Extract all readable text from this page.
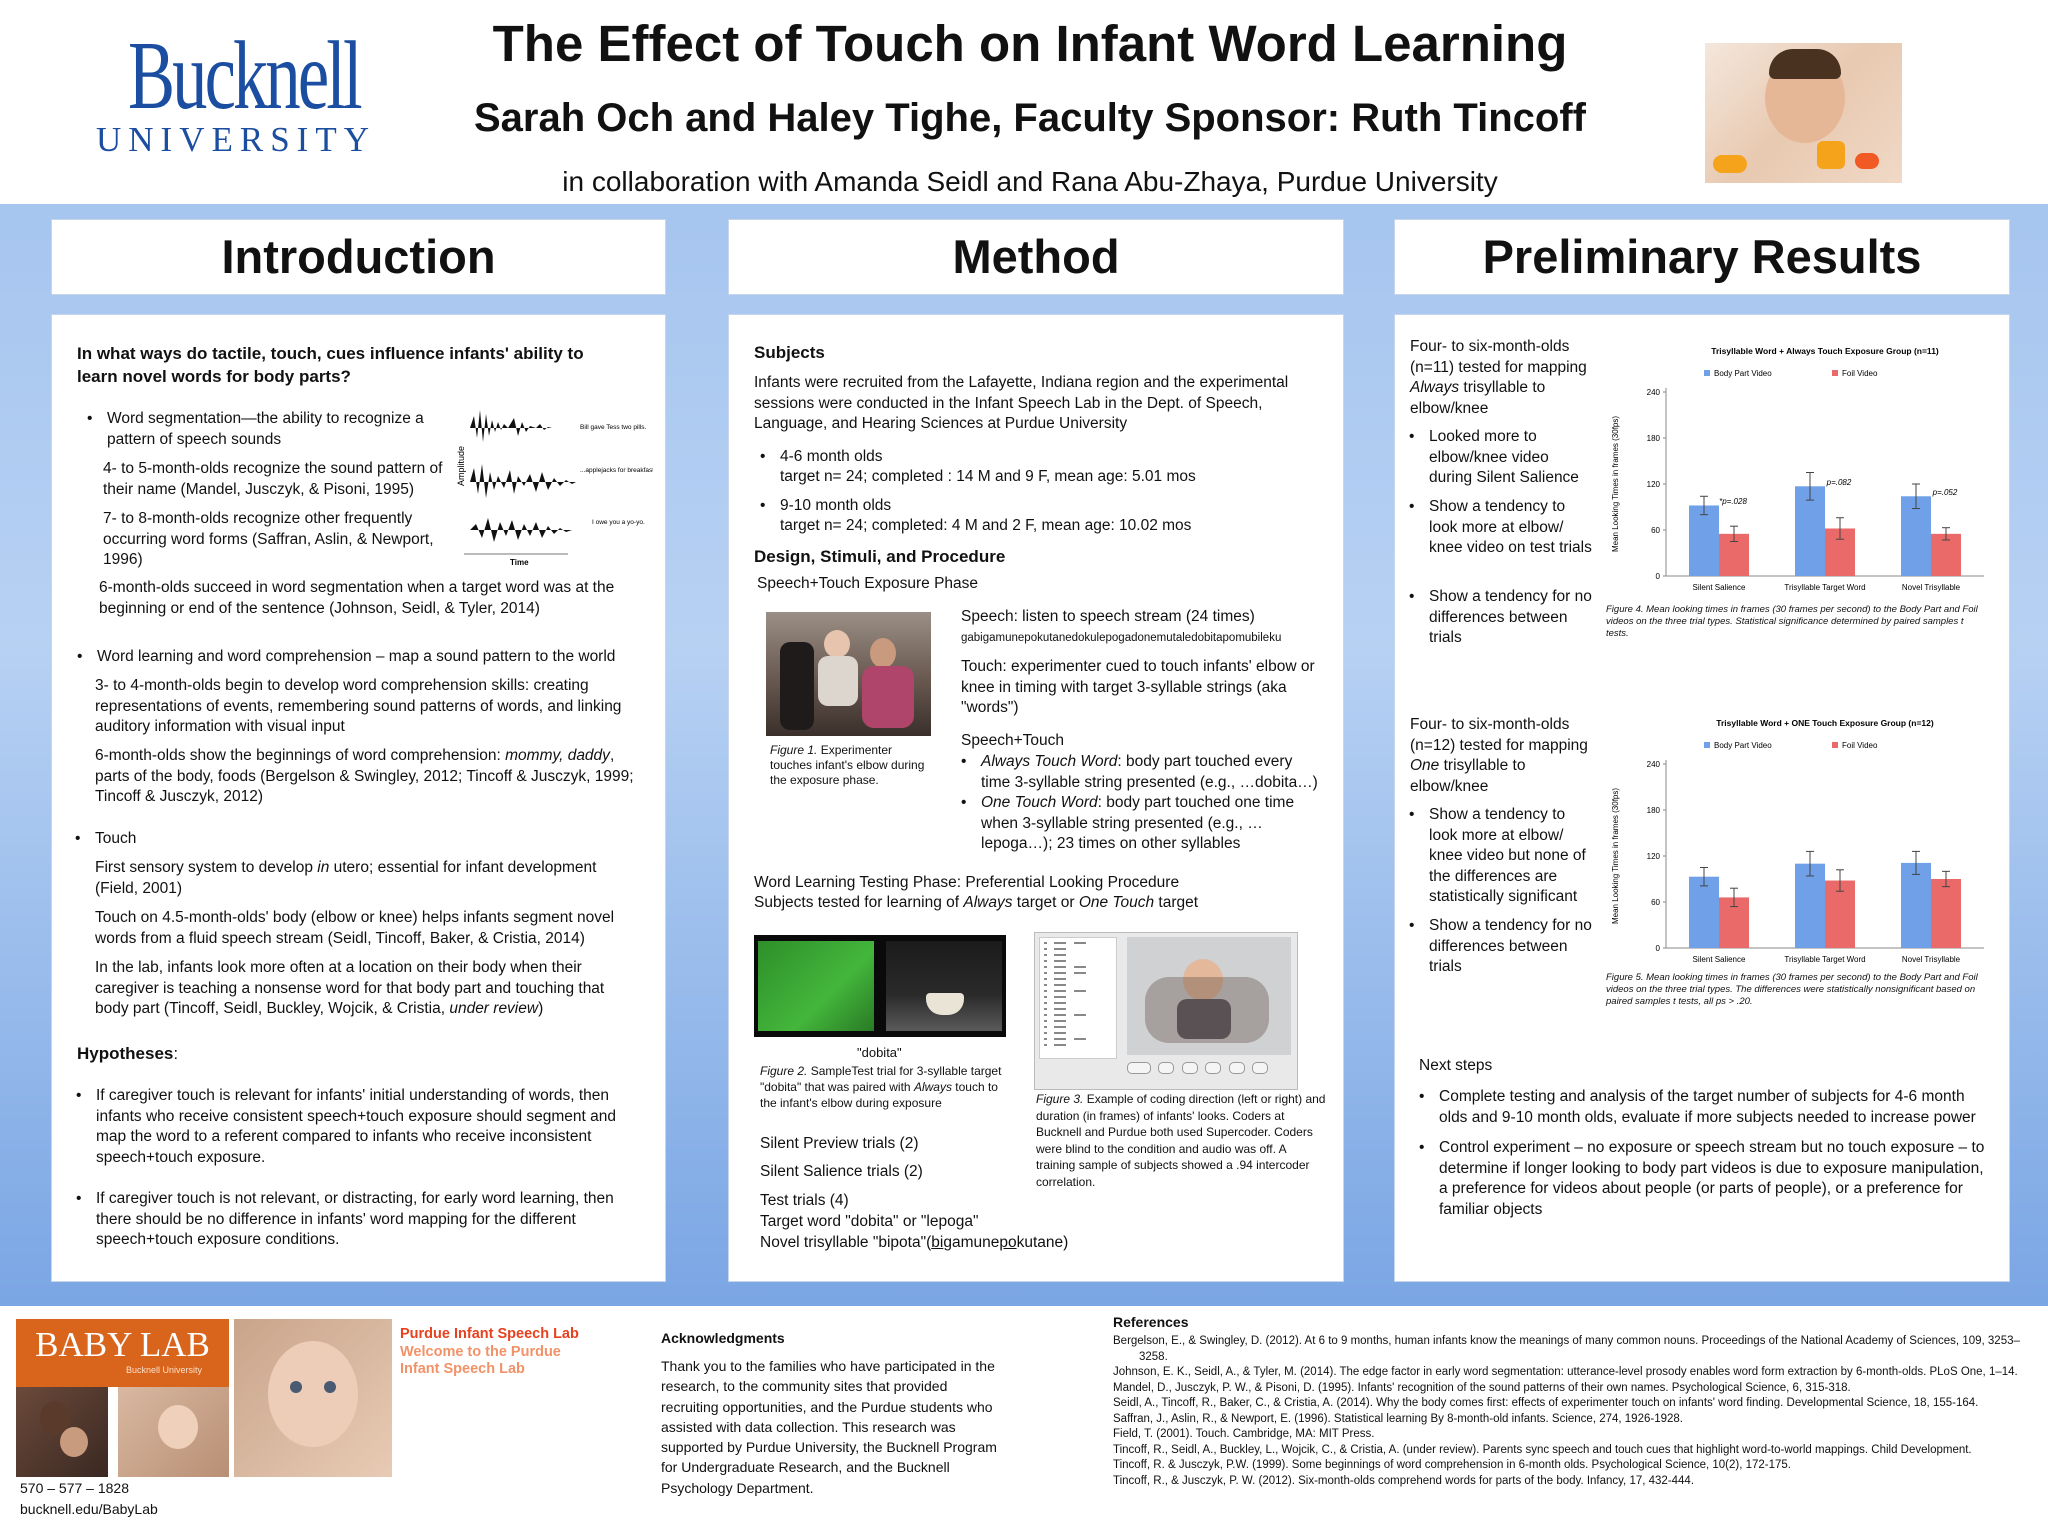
Bucknell
UNIVERSITY
The Effect of Touch on Infant Word Learning
Sarah Och and Haley Tighe, Faculty Sponsor: Ruth Tincoff
in collaboration with Amanda Seidl and Rana Abu-Zhaya, Purdue University
Introduction	Method	Preliminary Results
In what ways do tactile, touch, cues influence infants' ability to learn novel words for body parts?
• Word segmentation—the ability to recognize a pattern of speech sounds
4- to 5-month-olds recognize the sound pattern of their name (Mandel, Jusczyk, & Pisoni, 1995)
7- to 8-month-olds recognize other frequently occurring word forms (Saffran, Aslin, & Newport, 1996)
6-month-olds succeed in word segmentation when a target word was at the beginning or end of the sentence (Johnson, Seidl, & Tyler, 2014)
Amplitude
Bill gave Tess two pills.
...applejacks for breakfast...
I owe you a yo-yo.
Time
• Word learning and word comprehension – map a sound pattern to the world
3- to 4-month-olds begin to develop word comprehension skills: creating representations of events, remembering sound patterns of words, and linking auditory information with visual input
6-month-olds show the beginnings of word comprehension: mommy, daddy, parts of the body, foods (Bergelson & Swingley, 2012; Tincoff & Jusczyk, 1999; Tincoff & Jusczyk, 2012)
• Touch
First sensory system to develop in utero; essential for infant development (Field, 2001)
Touch on 4.5-month-olds' body (elbow or knee) helps infants segment novel words from a fluid speech stream (Seidl, Tincoff, Baker, & Cristia, 2014)
In the lab, infants look more often at a location on their body when their caregiver is teaching a nonsense word for that body part and touching that body part (Tincoff, Seidl, Buckley, Wojcik, & Cristia, under review)
Hypotheses:
• If caregiver touch is relevant for infants' initial understanding of words, then infants who receive consistent speech+touch exposure should segment and map the word to a referent compared to infants who receive inconsistent speech+touch exposure.
• If caregiver touch is not relevant, or distracting, for early word learning, then there should be no difference in infants' word mapping for the different speech+touch exposure conditions.
Subjects
Infants were recruited from the Lafayette, Indiana region and the experimental sessions were conducted in the Infant Speech Lab in the Dept. of Speech, Language, and Hearing Sciences at Purdue University
• 4-6 month olds
target n= 24; completed : 14 M and 9 F, mean age: 5.01 mos
• 9-10 month olds
target n= 24; completed: 4 M and 2 F, mean age: 10.02 mos
Design, Stimuli, and Procedure
Speech+Touch Exposure Phase
Figure 1. Experimenter touches infant's elbow during the exposure phase.
Speech: listen to speech stream (24 times)
gabigamunepokutanedokulepogadonemutaledobitapomubileku
Touch: experimenter cued to touch infants' elbow or knee in timing with target 3-syllable strings (aka "words")
Speech+Touch
• Always Touch Word: body part touched every time 3-syllable string presented (e.g., …dobita…)
• One Touch Word: body part touched one time when 3-syllable string presented (e.g., … lepoga…); 23 times on other syllables
Word Learning Testing Phase: Preferential Looking Procedure
Subjects tested for learning of Always target or One Touch target
"dobita"
Figure 2. SampleTest trial for 3-syllable target "dobita" that was paired with Always touch to the infant's elbow during exposure
	Figure 3. Example of coding direction (left or right) and duration (in frames) of infants' looks. Coders at Bucknell and Purdue both used Supercoder. Coders were blind to the condition and audio was off. A training sample of subjects showed a .94 intercoder correlation.
Silent Preview trials (2)
Silent Salience trials (2)
Test trials (4)
Target word "dobita" or "lepoga"
Novel trisyllable "bipota"(bigamunepokutane)
Four- to six-month-olds (n=11) tested for mapping Always trisyllable to elbow/knee
• Looked more to elbow/knee video during Silent Salience
• Show a tendency to look more at elbow/ knee video on test trials
• Show a tendency for no differences between trials
Four- to six-month-olds (n=12) tested for mapping One trisyllable to elbow/knee
• Show a tendency to look more at elbow/ knee video but none of the differences are statistically significant
• Show a tendency for no differences between trials
Trisyllable Word + Always Touch Exposure Group (n=11)
Body Part Video	Foil Video
Mean Looking Times in frames (30fps)
0
60
120
180
240
Silent Salience
*p=.028
Trisyllable Target Word
p=.082
Novel Trisyllable
p=.052
Figure 4. Mean looking times in frames (30 frames per second) to the Body Part and Foil videos on the three trial types. Statistical significance determined by paired samples t tests.
Trisyllable Word + ONE Touch Exposure Group (n=12)
Body Part Video	Foil Video
Mean Looking Times in frames (30fps)
0
60
120
180
240
Silent Salience	Trisyllable Target Word	Novel Trisyllable
Figure 5. Mean looking times in frames (30 frames per second) to the Body Part and Foil videos on the three trial types. The differences were statistically nonsignificant based on paired samples t tests, all ps > .20.
Next steps
• Complete testing and analysis of the target number of subjects for 4-6 month olds and 9-10 month olds, evaluate if more subjects needed to increase power
• Control experiment – no exposure or speech stream but no touch exposure – to determine if longer looking to body part videos is due to exposure manipulation, a preference for videos about people (or parts of people), or a preference for familiar objects
BABY LAB
Bucknell University
Purdue Infant Speech Lab
Welcome to the Purdue Infant Speech Lab
570 – 577 – 1828
bucknell.edu/BabyLab
Acknowledgments
Thank you to the families who have participated in the research, to the community sites that provided recruiting opportunities, and the Purdue students who assisted with data collection. This research was supported by Purdue University, the Bucknell Program for Undergraduate Research, and the Bucknell Psychology Department.
References
Bergelson, E., & Swingley, D. (2012). At 6 to 9 months, human infants know the meanings of many common nouns. Proceedings of the National Academy of Sciences, 109, 3253–3258.
Johnson, E. K., Seidl, A., & Tyler, M. (2014). The edge factor in early word segmentation: utterance-level prosody enables word form extraction by 6-month-olds. PLoS One, 1–14.
Mandel, D., Jusczyk, P. W., & Pisoni, D. (1995). Infants' recognition of the sound patterns of their own names. Psychological Science, 6, 315-318.
Seidl, A., Tincoff, R., Baker, C., & Cristia, A. (2014). Why the body comes first: effects of experimenter touch on infants' word finding. Developmental Science, 18, 155-164.
Saffran, J., Aslin, R., & Newport, E. (1996). Statistical learning By 8-month-old infants. Science, 274, 1926-1928.
Field, T. (2001). Touch. Cambridge, MA: MIT Press.
Tincoff, R., Seidl, A., Buckley, L., Wojcik, C., & Cristia, A. (under review). Parents sync speech and touch cues that highlight word-to-world mappings. Child Development.
Tincoff, R. & Jusczyk, P.W. (1999). Some beginnings of word comprehension in 6-month olds. Psychological Science, 10(2), 172-175.
Tincoff, R., & Jusczyk, P. W. (2012). Six-month-olds comprehend words for parts of the body. Infancy, 17, 432-444.
